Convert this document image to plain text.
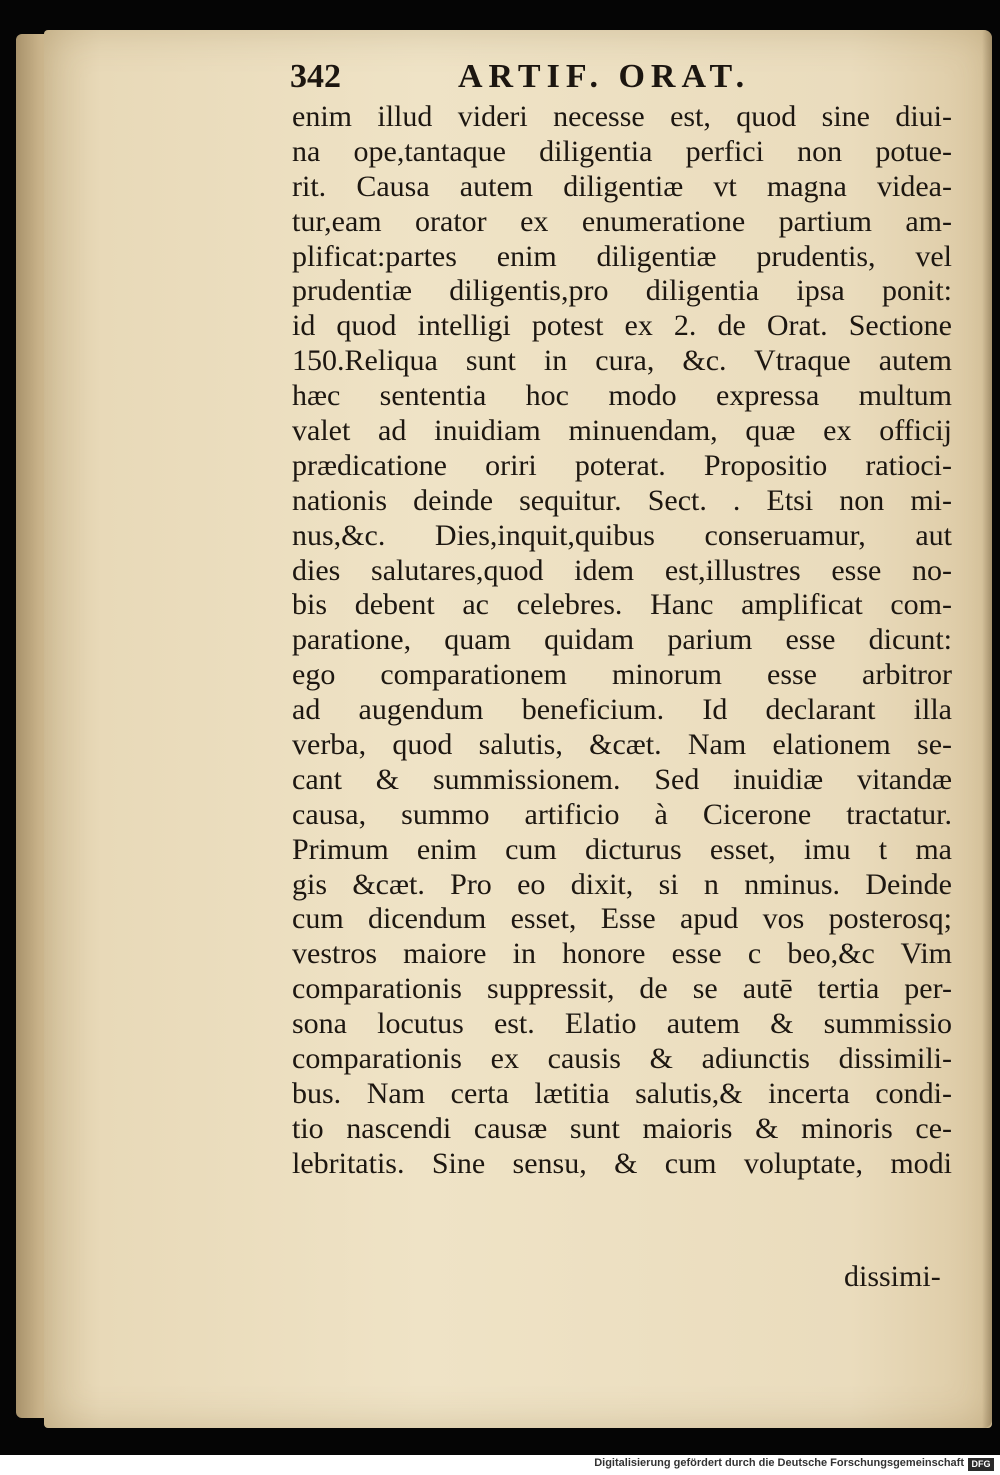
342	ARTIF. ORAT.
enim illud videri necesse est, quod sine diui-
na ope,tantaque diligentia perfici non potue-
rit. Causa autem diligentiæ vt magna videa-
tur,eam orator ex enumeratione partium am-
plificat:partes enim diligentiæ prudentis, vel
prudentiæ diligentis,pro diligentia ipsa ponit:
id quod intelligi potest ex 2. de Orat. Sectione
150.Reliqua sunt in cura, &c. Vtraque autem
hæc sententia hoc modo expressa multum
valet ad inuidiam minuendam, quæ ex officij
prædicatione oriri poterat. Propositio ratioci-
nationis deinde sequitur. Sect. . Etsi non mi-
nus,&c. Dies,inquit,quibus conseruamur, aut
dies salutares,quod idem est,illustres esse no-
bis debent ac celebres. Hanc amplificat com-
paratione, quam quidam parium esse dicunt:
ego comparationem minorum esse arbitror
ad augendum beneficium. Id declarant illa
verba, quod salutis, &cæt. Nam elationem se-
cant & summissionem. Sed inuidiæ vitandæ
causa, summo artificio à Cicerone tractatur.
Primum enim cum dicturus esset, imu t ma
gis &cæt. Pro eo dixit, si n nminus. Deinde
cum dicendum esset, Esse apud vos posterosq;
vestros maiore in honore esse c beo,&c Vim
comparationis suppressit, de se autē tertia per-
sona locutus est. Elatio autem & summissio
comparationis ex causis & adiunctis dissimili-
bus. Nam certa lætitia salutis,& incerta condi-
tio nascendi causæ sunt maioris & minoris ce-
lebritatis. Sine sensu, & cum voluptate, modi
dissimi-
Digitalisierung gefördert durch die Deutsche Forschungsgemeinschaft DFG
